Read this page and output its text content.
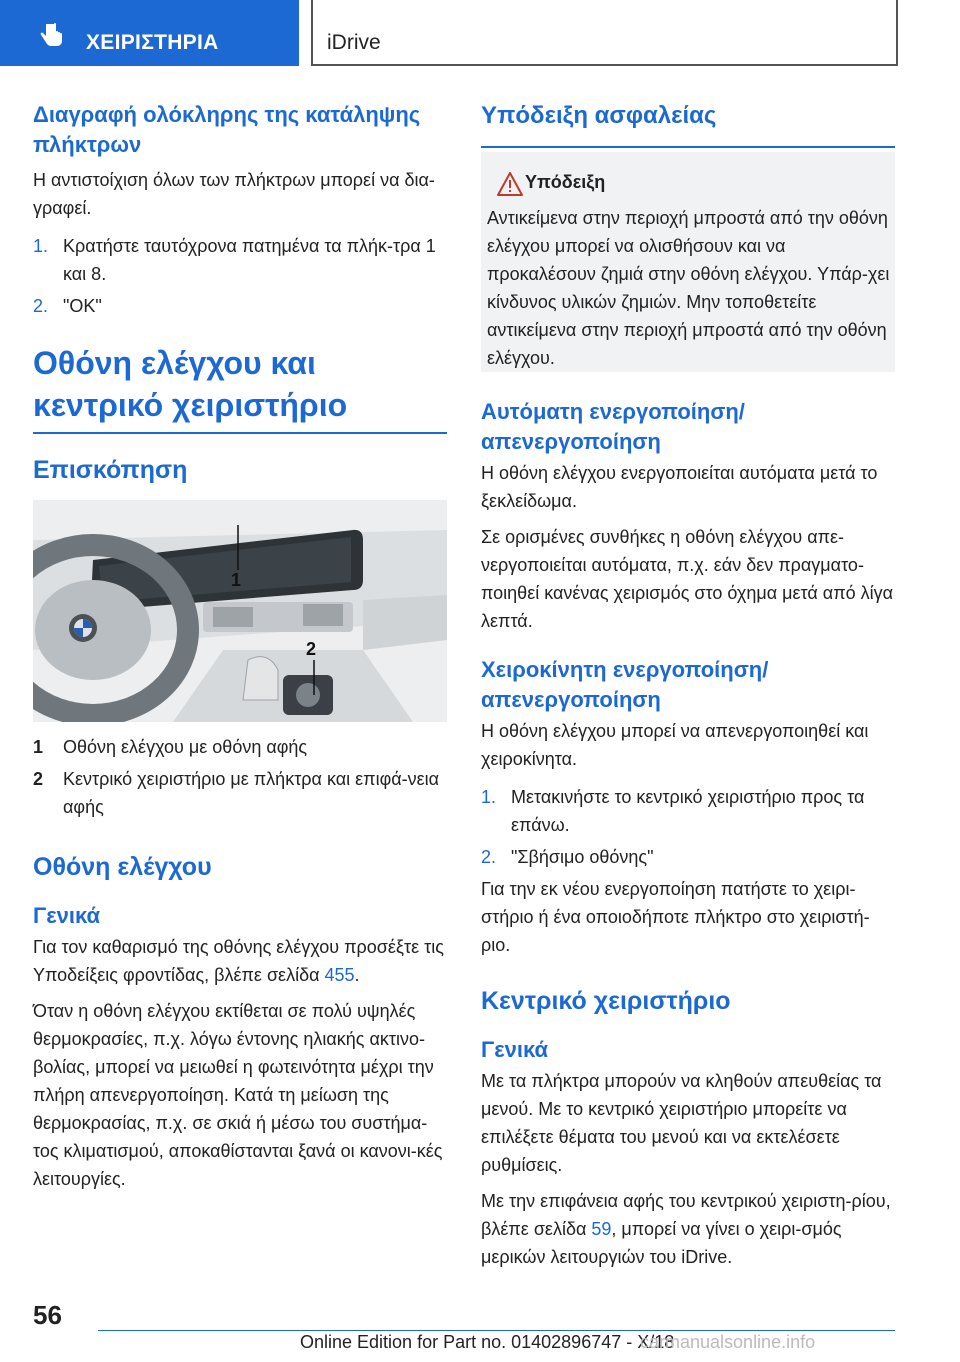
ΧΕΙΡΙΣΤΗΡΙΑ	iDrive
Διαγραφή ολόκληρης της κατάληψης πλήκτρων

Η αντιστοίχιση όλων των πλήκτρων μπορεί να δια-γραφεί.

1. Κρατήστε ταυτόχρονα πατημένα τα πλήκ-τρα 1 και 8.
2. "OK"
Οθόνη ελέγχου και κεντρικό χειριστήριο
Επισκόπηση
1
2
1	Οθόνη ελέγχου με οθόνη αφής
2	Κεντρικό χειριστήριο με πλήκτρα και επιφά-νεια αφής
Οθόνη ελέγχου
Γενικά

Για τον καθαρισμό της οθόνης ελέγχου προσέξτε τις Υποδείξεις φροντίδας, βλέπε σελίδα 455.

Όταν η οθόνη ελέγχου εκτίθεται σε πολύ υψηλές θερμοκρασίες, π.χ. λόγω έντονης ηλιακής ακτινο-βολίας, μπορεί να μειωθεί η φωτεινότητα μέχρι την πλήρη απενεργοποίηση. Κατά τη μείωση της θερμοκρασίας, π.χ. σε σκιά ή μέσω του συστήμα-τος κλιματισμού, αποκαθίστανται ξανά οι κανονι-κές λειτουργίες.

Υπόδειξη ασφαλείας
Υπόδειξη

Αντικείμενα στην περιοχή μπροστά από την οθόνη ελέγχου μπορεί να ολισθήσουν και να προκαλέσουν ζημιά στην οθόνη ελέγχου. Υπάρ-χει κίνδυνος υλικών ζημιών. Μην τοποθετείτε αντικείμενα στην περιοχή μπροστά από την οθόνη ελέγχου.

Αυτόματη ενεργοποίηση/ απενεργοποίηση

Η οθόνη ελέγχου ενεργοποιείται αυτόματα μετά το ξεκλείδωμα.

Σε ορισμένες συνθήκες η οθόνη ελέγχου απε-νεργοποιείται αυτόματα, π.χ. εάν δεν πραγματο-ποιηθεί κανένας χειρισμός στο όχημα μετά από λίγα λεπτά.

Χειροκίνητη ενεργοποίηση/ απενεργοποίηση

Η οθόνη ελέγχου μπορεί να απενεργοποιηθεί και χειροκίνητα.

1. Μετακινήστε το κεντρικό χειριστήριο προς τα επάνω.
2. "Σβήσιμο οθόνης"

Για την εκ νέου ενεργοποίηση πατήστε το χειρι-στήριο ή ένα οποιοδήποτε πλήκτρο στο χειριστή-ριο.

Κεντρικό χειριστήριο
Γενικά

Με τα πλήκτρα μπορούν να κληθούν απευθείας τα μενού. Με το κεντρικό χειριστήριο μπορείτε να επιλέξετε θέματα του μενού και να εκτελέσετε ρυθμίσεις.

Με την επιφάνεια αφής του κεντρικού χειριστη-ρίου, βλέπε σελίδα 59, μπορεί να γίνει ο χειρι-σμός μερικών λειτουργιών του iDrive.

56
Online Edition for Part no. 01402896747 - X/18
carmanualsonline.info
